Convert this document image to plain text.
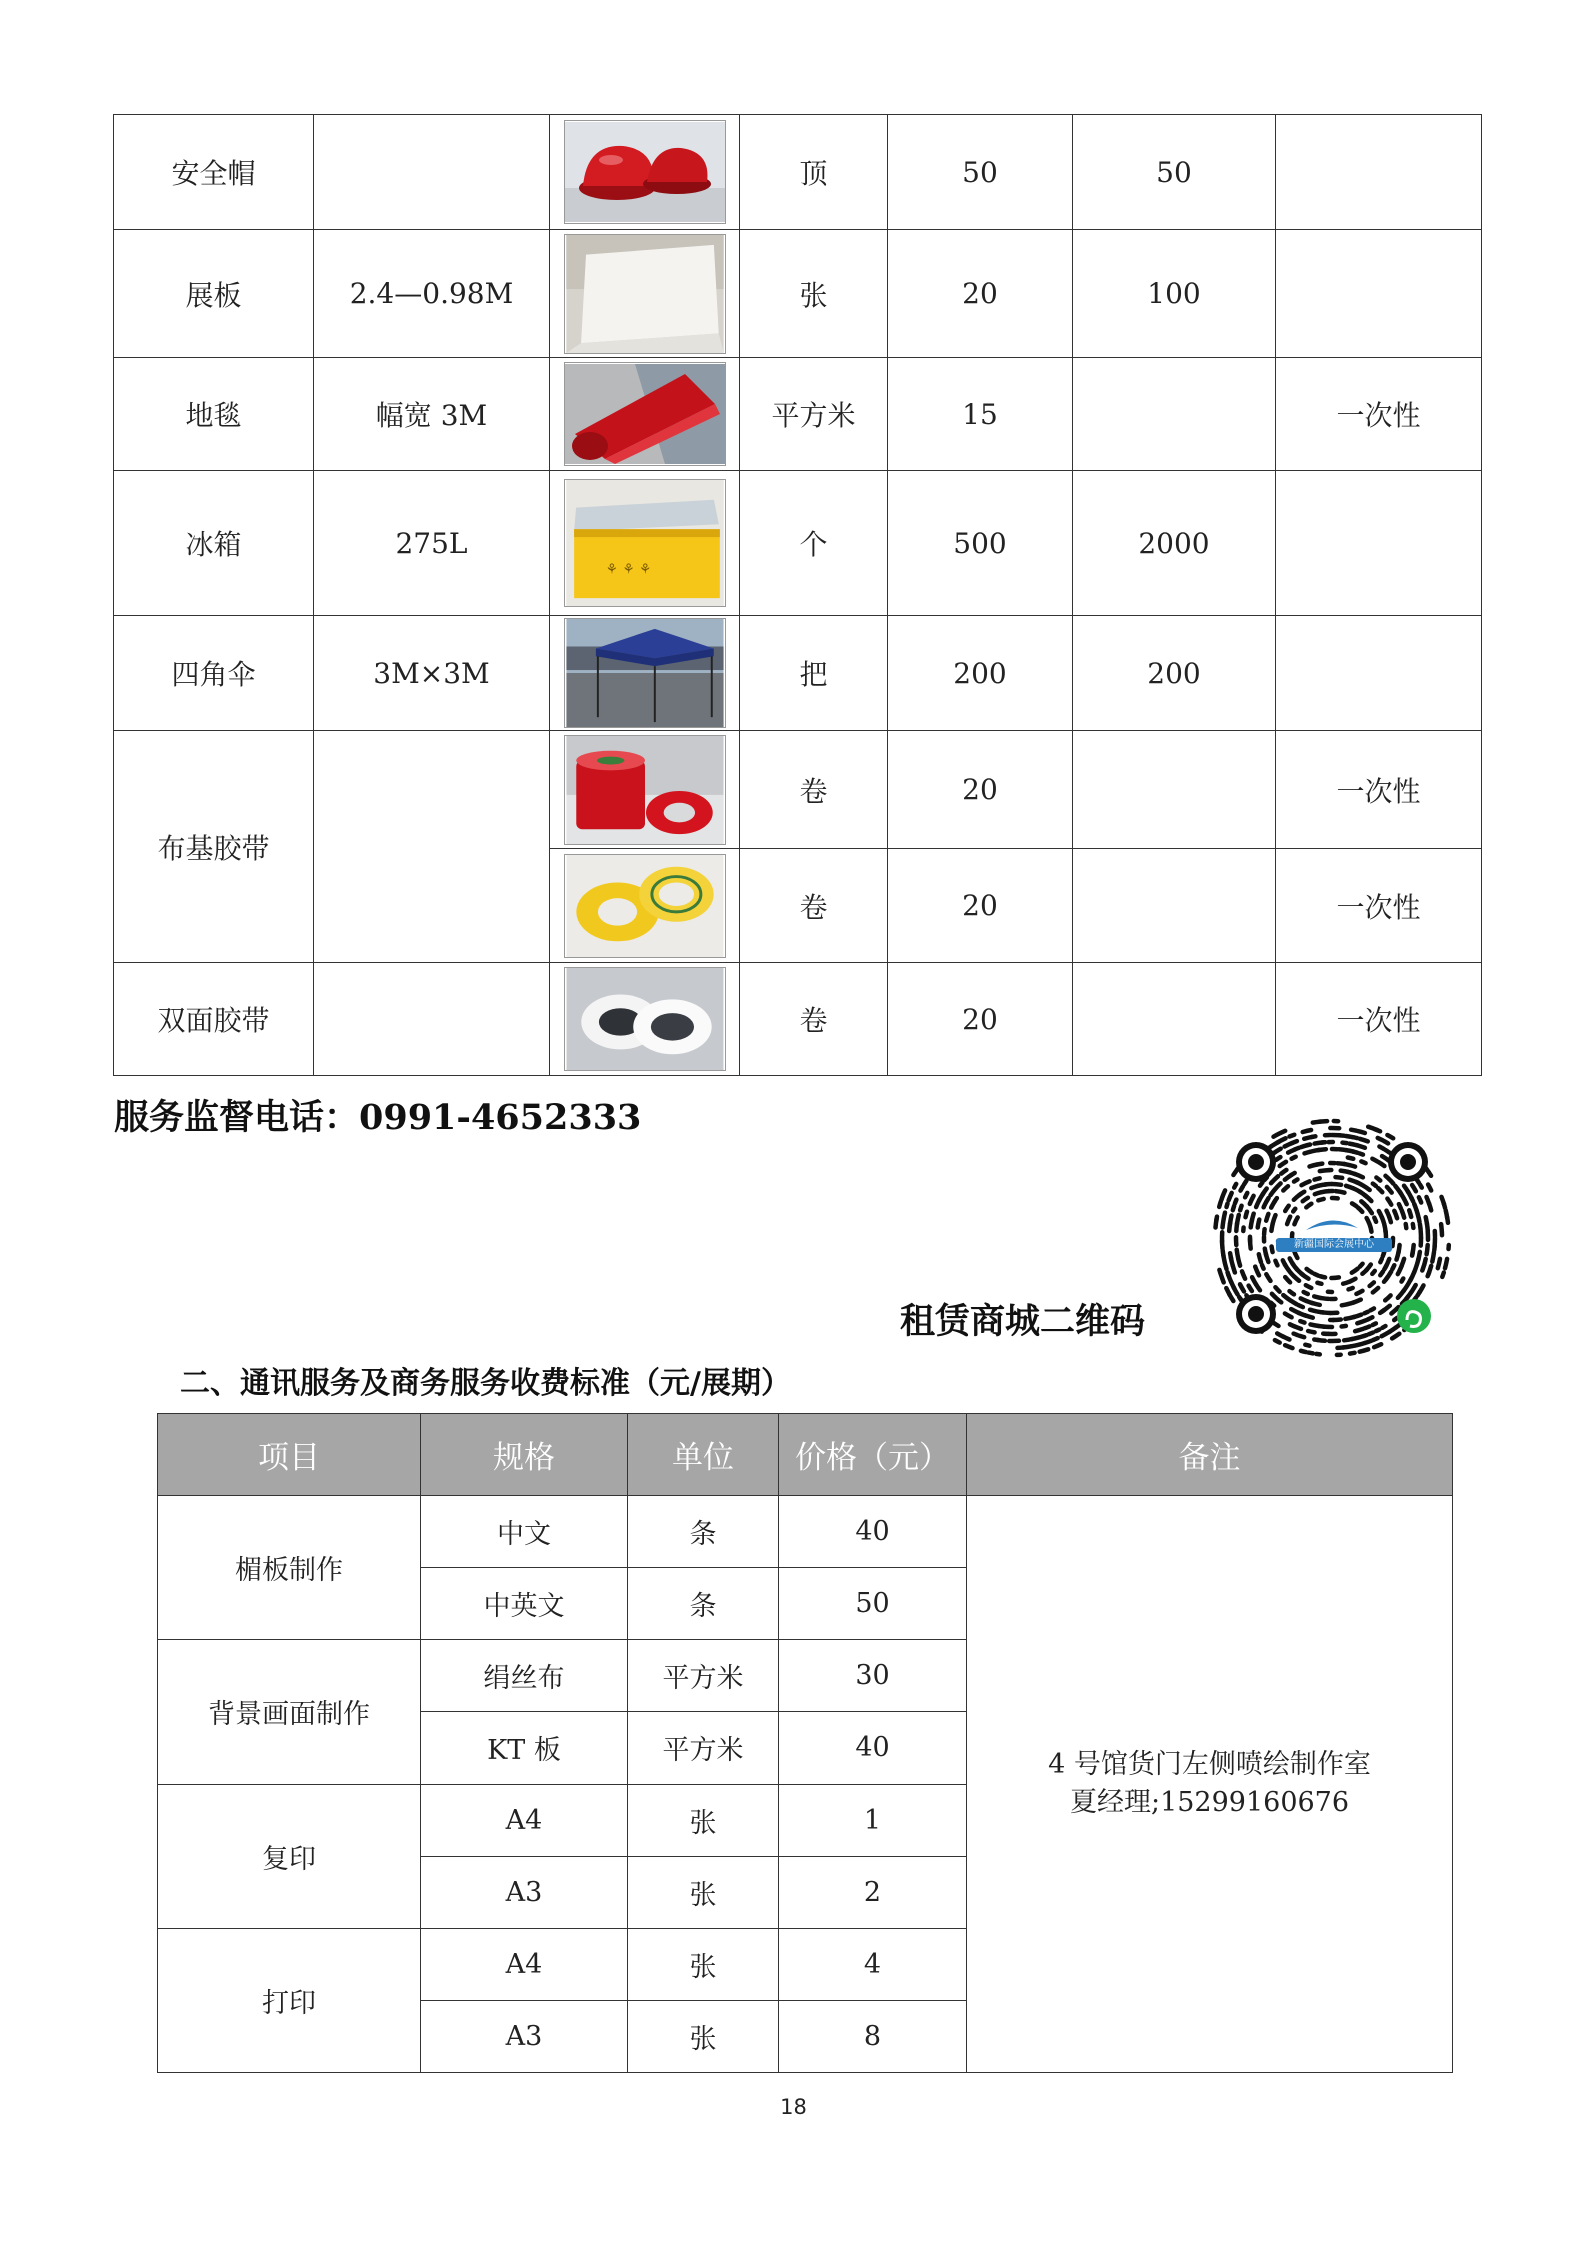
安全帽			顶	50	50	
展板	2.4—0.98M		张	20	100	
地毯	幅宽 3M		平方米	15		一次性
冰箱	275L	⚘ ⚘ ⚘	个	500	2000	
四角伞	3M×3M		把	200	200	
布基胶带			卷	20		一次性

	卷	20		一次性
双面胶带			卷	20		一次性
服务监督电话：0991-4652333
新疆国际会展中心
租赁商城二维码
二、通讯服务及商务服务收费标准（元/展期）
项目	规格	单位	价格（元）	备注
楣板制作	中文	条	40	4 号馆货门左侧喷绘制作室
夏经理;15299160676

	中英文	条	50	
背景画面制作	绢丝布	平方米	30	
	KT 板	平方米	40	
复印	A4	张	1	
	A3	张	2	
打印	A4	张	4	
	A3	张	8	
18
